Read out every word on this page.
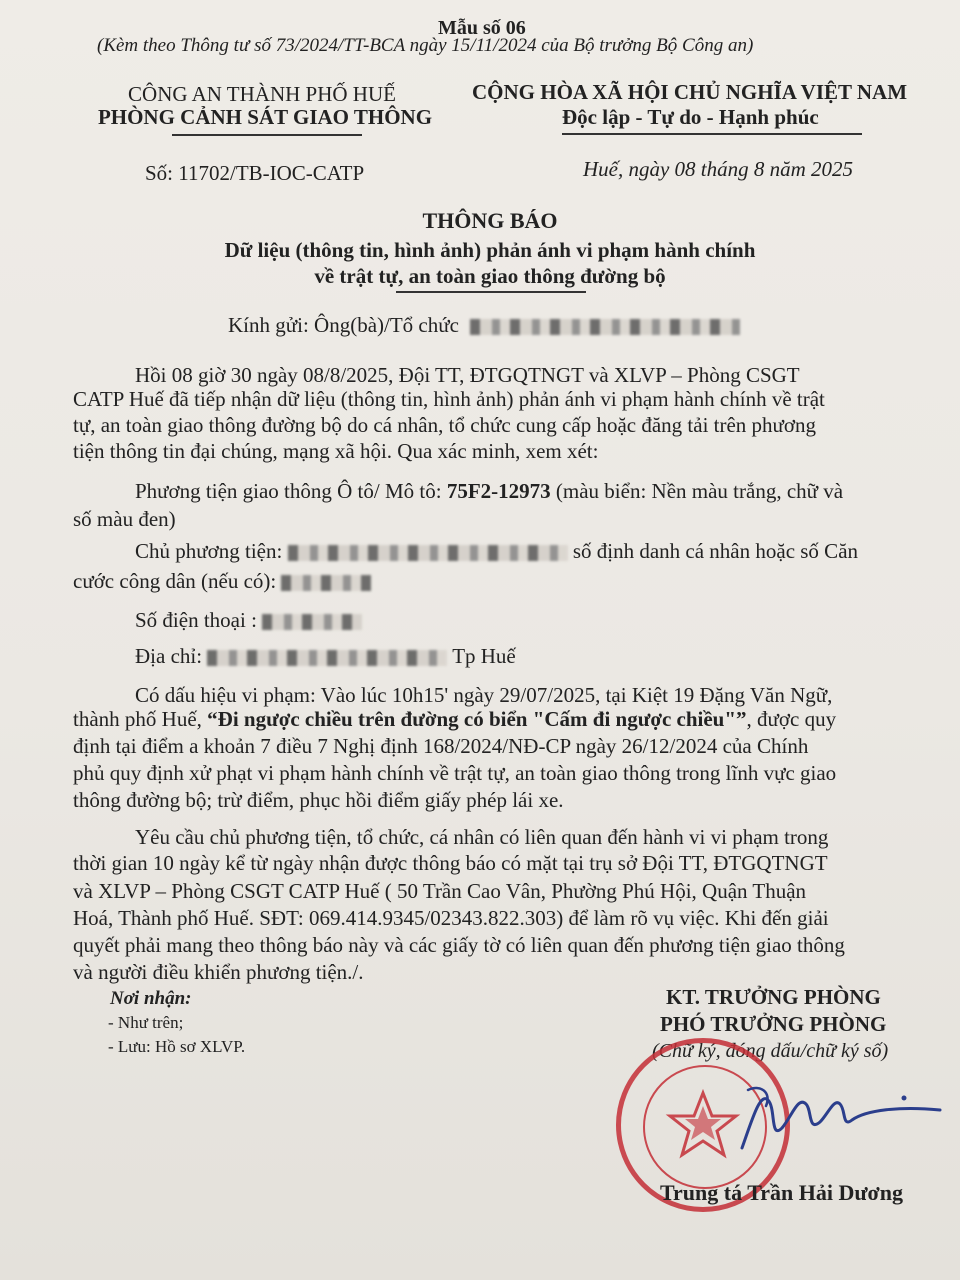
Mẫu số 06
(Kèm theo Thông tư số 73/2024/TT-BCA ngày 15/11/2024 của Bộ trưởng Bộ Công an)
CÔNG AN THÀNH PHỐ HUẾ
PHÒNG CẢNH SÁT GIAO THÔNG
CỘNG HÒA XÃ HỘI CHỦ NGHĨA VIỆT NAM
Độc lập - Tự do - Hạnh phúc
Số: 11702/TB-IOC-CATP	Huế, ngày 08 tháng 8 năm 2025
THÔNG BÁO
Dữ liệu (thông tin, hình ảnh) phản ánh vi phạm hành chính
về trật tự, an toàn giao thông đường bộ
Kính gửi: Ông(bà)/Tổ chức
Hồi 08 giờ 30 ngày 08/8/2025, Đội TT, ĐTGQTNGT và XLVP – Phòng CSGT
CATP Huế đã tiếp nhận dữ liệu (thông tin, hình ảnh) phản ánh vi phạm hành chính về trật
tự, an toàn giao thông đường bộ do cá nhân, tổ chức cung cấp hoặc đăng tải trên phương
tiện thông tin đại chúng, mạng xã hội. Qua xác minh, xem xét:
Phương tiện giao thông Ô tô/ Mô tô: 75F2-12973 (màu biển: Nền màu trắng, chữ và
số màu đen)
Chủ phương tiện:	số định danh cá nhân hoặc số Căn
cước công dân (nếu có):
Số điện thoại :
Địa chỉ:	Tp Huế
Có dấu hiệu vi phạm: Vào lúc 10h15' ngày 29/07/2025, tại Kiệt 19 Đặng Văn Ngữ,
thành phố Huế, “Đi ngược chiều trên đường có biển "Cấm đi ngược chiều"”, được quy
định tại điểm a khoản 7 điều 7 Nghị định 168/2024/NĐ-CP ngày 26/12/2024 của Chính
phủ quy định xử phạt vi phạm hành chính về trật tự, an toàn giao thông trong lĩnh vực giao
thông đường bộ; trừ điểm, phục hồi điểm giấy phép lái xe.
Yêu cầu chủ phương tiện, tổ chức, cá nhân có liên quan đến hành vi vi phạm trong
thời gian 10 ngày kể từ ngày nhận được thông báo có mặt tại trụ sở Đội TT, ĐTGQTNGT
và XLVP – Phòng CSGT CATP Huế ( 50 Trần Cao Vân, Phường Phú Hội, Quận Thuận
Hoá, Thành phố Huế. SĐT: 069.414.9345/02343.822.303) để làm rõ vụ việc. Khi đến giải
quyết phải mang theo thông báo này và các giấy tờ có liên quan đến phương tiện giao thông
và người điều khiển phương tiện./.
Nơi nhận:
- Như trên;
- Lưu: Hồ sơ XLVP.
KT. TRƯỞNG PHÒNG
PHÓ TRƯỞNG PHÒNG
(Chữ ký, đóng dấu/chữ ký số)
Trung tá Trần Hải Dương
